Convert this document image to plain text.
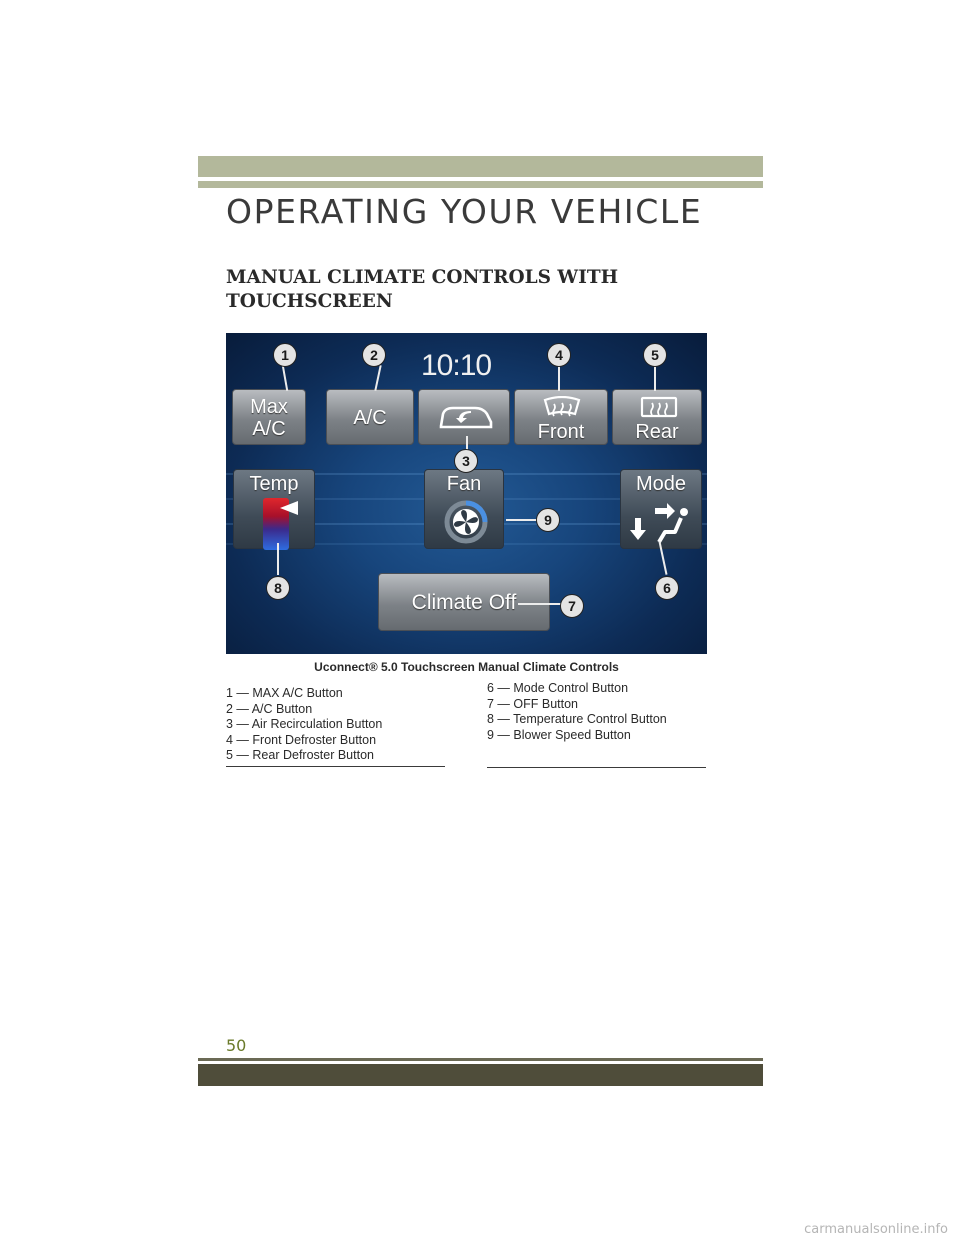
OPERATING YOUR VEHICLE
MANUAL CLIMATE CONTROLS WITH
TOUCHSCREEN
10:10
Max
A/C	A/C
Front	Rear
Temp	Fan	Mode
Climate Off
1	2
3
4	5
6
7
8
9
Uconnect® 5.0 Touchscreen Manual Climate Controls
1 — MAX A/C Button
2 — A/C Button
3 — Air Recirculation Button
4 — Front Defroster Button
5 — Rear Defroster Button
6 — Mode Control Button
7 — OFF Button
8 — Temperature Control Button
9 — Blower Speed Button
50
carmanualsonline.info
